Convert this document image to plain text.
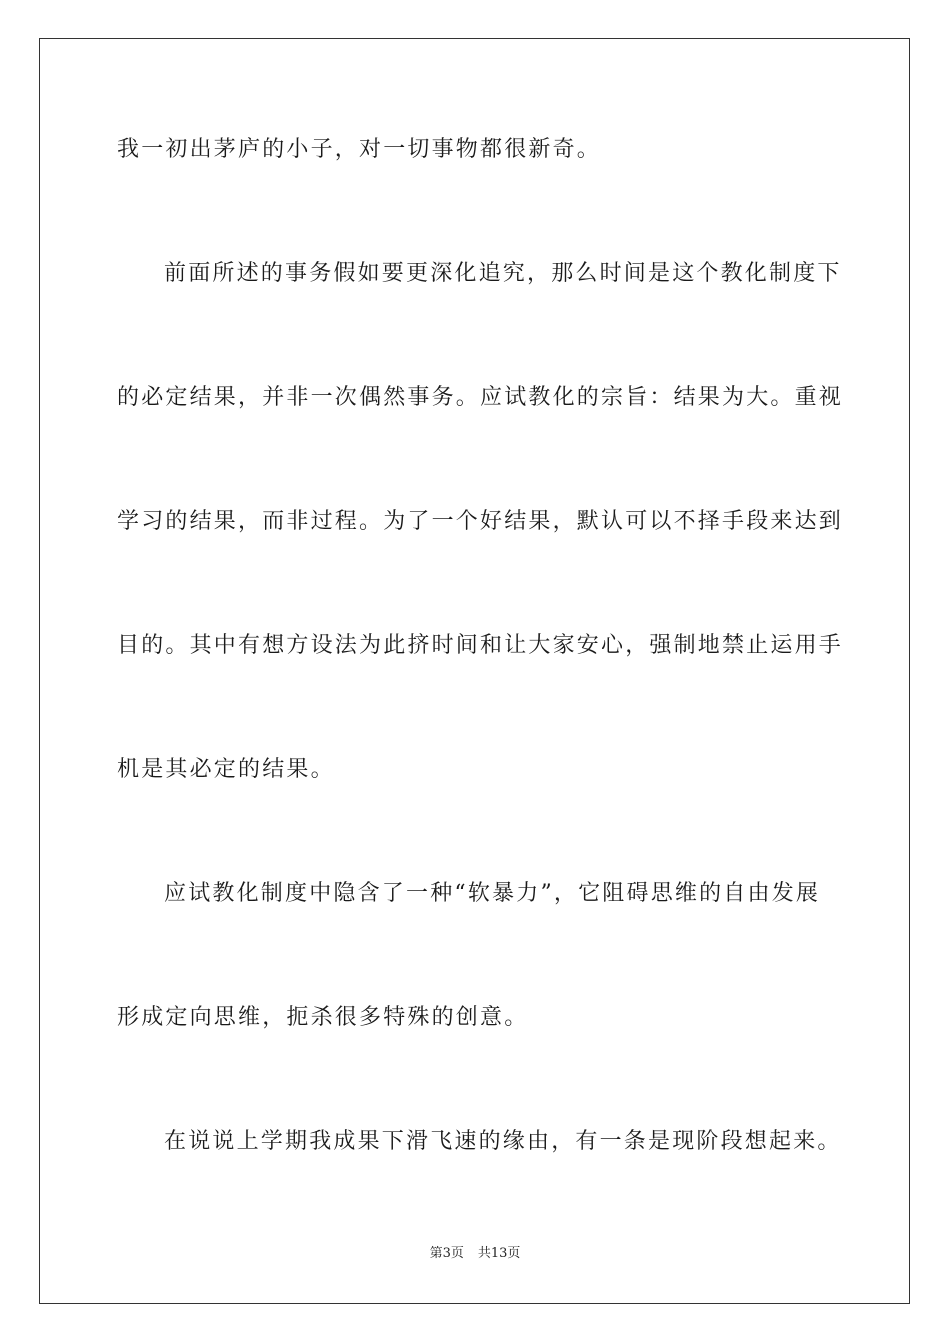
我一初出茅庐的小子，对一切事物都很新奇。
前面所述的事务假如要更深化追究，那么时间是这个教化制度下
的必定结果，并非一次偶然事务。应试教化的宗旨：结果为大。重视
学习的结果，而非过程。为了一个好结果，默认可以不择手段来达到
目的。其中有想方设法为此挤时间和让大家安心，强制地禁止运用手
机是其必定的结果。
应试教化制度中隐含了一种“软暴力”，它阻碍思维的自由发展
形成定向思维，扼杀很多特殊的创意。
在说说上学期我成果下滑飞速的缘由，有一条是现阶段想起来。
第3页 共13页
